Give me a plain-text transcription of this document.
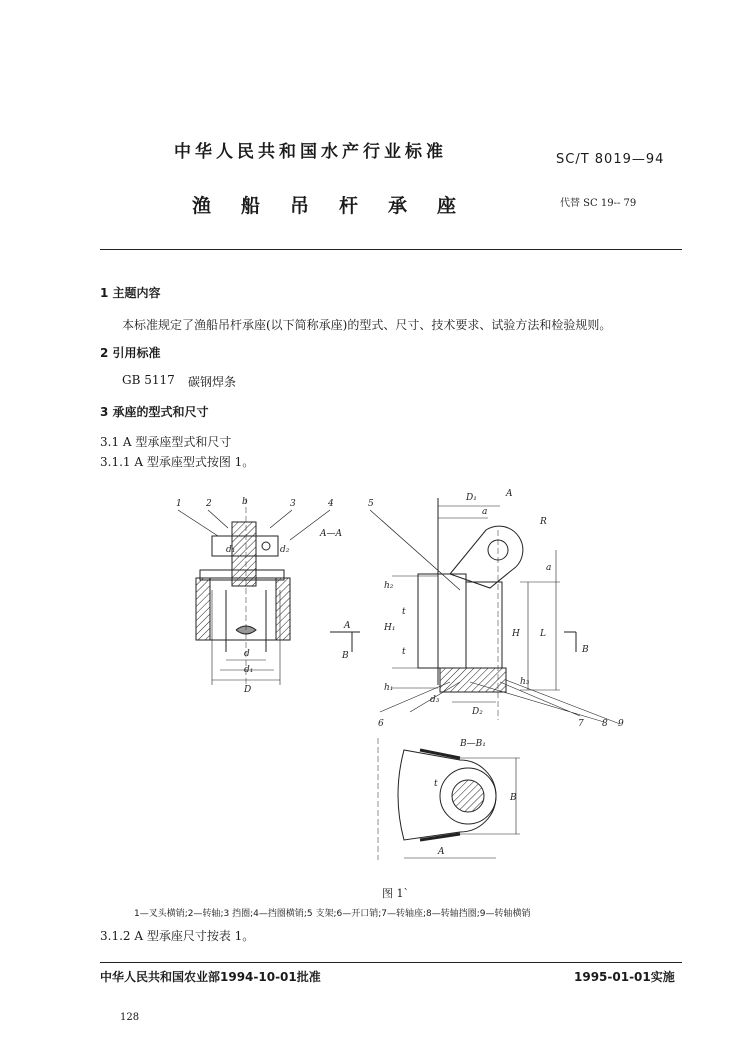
中华人民共和国水产行业标准	SC/T 8019—94
渔船吊杆承座	代替 SC 19-- 79
1 主题内容
本标准规定了渔船吊杆承座(以下简称承座)的型式、尺寸、技术要求、试验方法和检验规则。
2 引用标准
GB 5117 碳钢焊条
3 承座的型式和尺寸
3.1 A 型承座型式和尺寸
3.1.1 A 型承座型式按图 1。
1	2	3	4	5
6	7 8 9
A—A
b
d₁	d₂
d
d₁
D
A
B
D₁	A
a
R
a
h₂
H₁
t
t
H L
B
h₁
h₃
d₃
D₂
B—B₁
t
B
A
图 1`
1—叉头横销;2—转轴;3 挡圈;4—挡圈横销;5 支架;6—开口销;7—转轴座;8—转轴挡圈;9—转轴横销
3.1.2 A 型承座尺寸按表 1。
中华人民共和国农业部1994-10-01批准	1995-01-01实施
128
